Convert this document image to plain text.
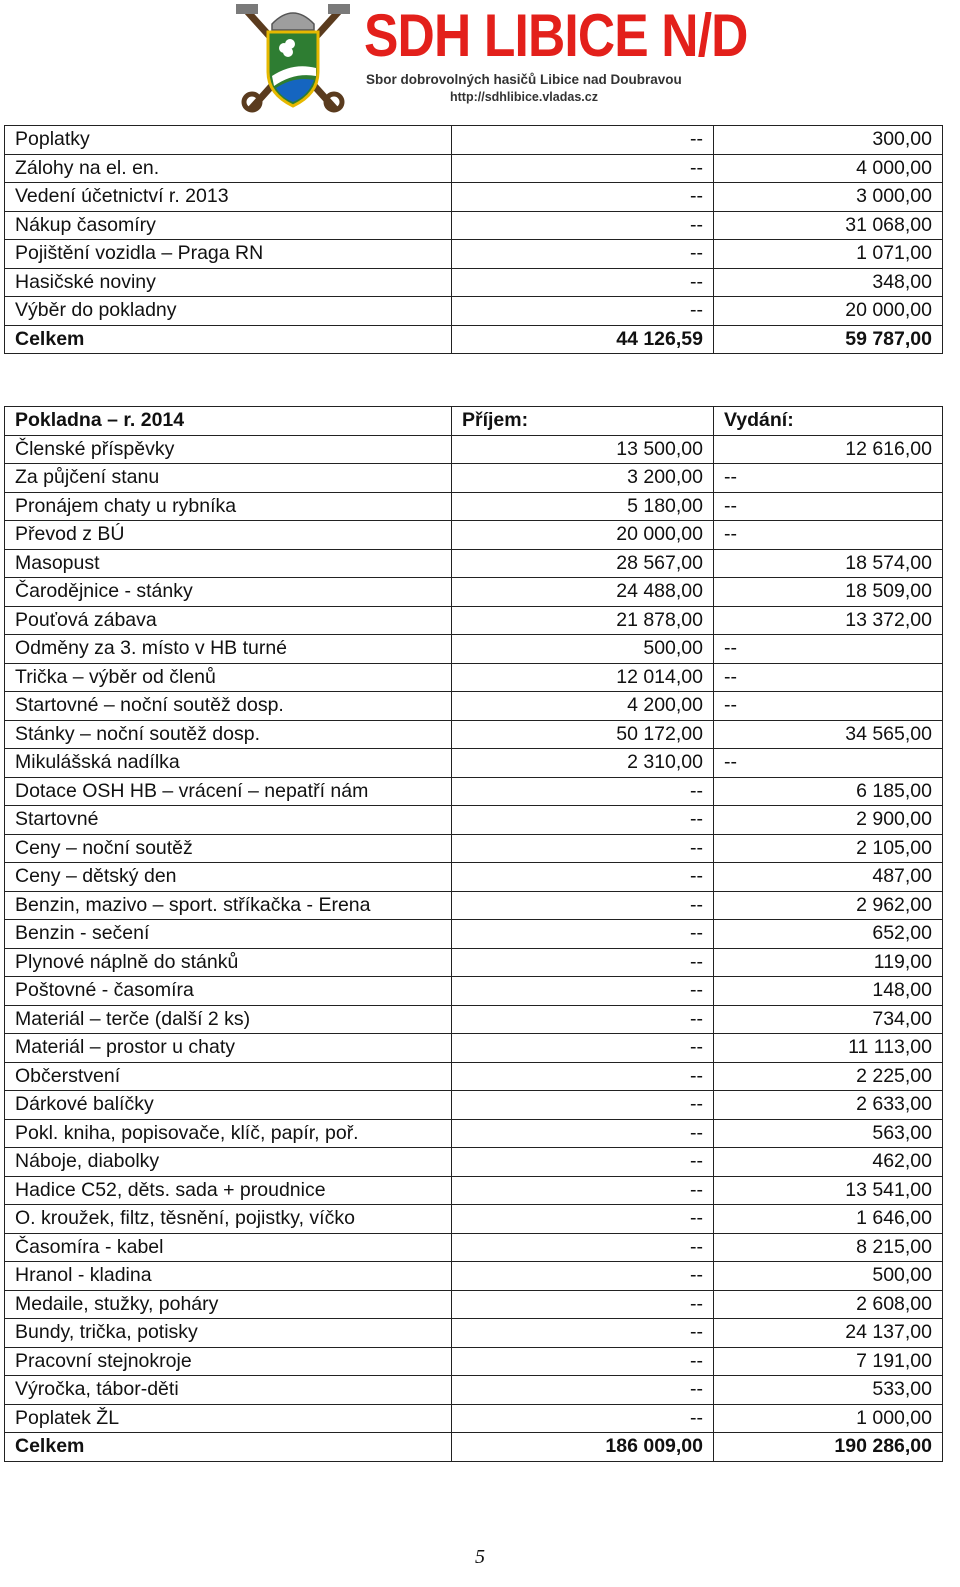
SDH LIBICE N/D
Sbor dobrovolných hasičů Libice nad Doubravou
http://sdhlibice.vladas.cz
Poplatky	--	300,00
Zálohy na el. en.	--	4 000,00
Vedení účetnictví r. 2013	--	3 000,00
Nákup časomíry	--	31 068,00
Pojištění vozidla – Praga RN	--	1 071,00
Hasičské noviny	--	348,00
Výběr do pokladny	--	20 000,00
Celkem	44 126,59	59 787,00
Pokladna – r. 2014	Příjem:	Vydání:
Členské příspěvky	13 500,00	12 616,00
Za půjčení stanu	3 200,00	--
Pronájem chaty u rybníka	5 180,00	--
Převod z BÚ	20 000,00	--
Masopust	28 567,00	18 574,00
Čarodějnice - stánky	24 488,00	18 509,00
Pouťová zábava	21 878,00	13 372,00
Odměny za 3. místo v HB turné	500,00	--
Trička – výběr od členů	12 014,00	--
Startovné – noční soutěž dosp.	4 200,00	--
Stánky – noční soutěž dosp.	50 172,00	34 565,00
Mikulášská nadílka	2 310,00	--
Dotace OSH HB – vrácení – nepatří nám	--	6 185,00
Startovné	--	2 900,00
Ceny – noční soutěž	--	2 105,00
Ceny – dětský den	--	487,00
Benzin, mazivo – sport. stříkačka - Erena	--	2 962,00
Benzin - sečení	--	652,00
Plynové náplně do stánků	--	119,00
Poštovné - časomíra	--	148,00
Materiál – terče (další 2 ks)	--	734,00
Materiál – prostor u chaty	--	11 113,00
Občerstvení	--	2 225,00
Dárkové balíčky	--	2 633,00
Pokl. kniha, popisovače, klíč, papír, poř.	--	563,00
Náboje, diabolky	--	462,00
Hadice C52, děts. sada + proudnice	--	13 541,00
O. kroužek, filtz, těsnění, pojistky, víčko	--	1 646,00
Časomíra - kabel	--	8 215,00
Hranol - kladina	--	500,00
Medaile, stužky, poháry	--	2 608,00
Bundy, trička, potisky	--	24 137,00
Pracovní stejnokroje	--	7 191,00
Výročka, tábor-děti	--	533,00
Poplatek ŽL	--	1 000,00
Celkem	186 009,00	190 286,00
5
